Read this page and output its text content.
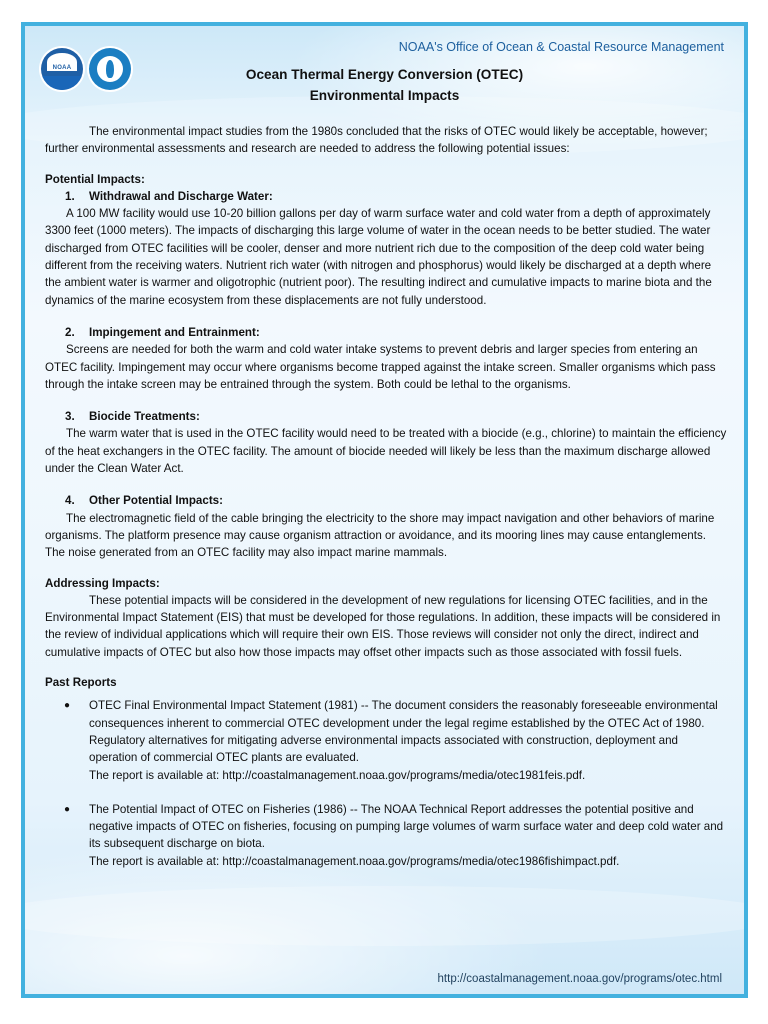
NOAA
NOAA's Office of Ocean & Coastal Resource Management
Ocean Thermal Energy Conversion (OTEC)
Environmental Impacts

The environmental impact studies from the 1980s concluded that the risks of OTEC would likely be acceptable, however; further environmental assessments and research are needed to address the following potential issues:

Potential Impacts:

1.	Withdrawal and Discharge Water:

A 100 MW facility would use 10-20 billion gallons per day of warm surface water and cold water from a depth of approximately 3300 feet (1000 meters). The impacts of discharging this large volume of water in the ocean needs to be better studied. The water discharged from OTEC facilities will be cooler, denser and more nutrient rich due to the composition of the deep cold water being different from the receiving waters. Nutrient rich water (with nitrogen and phosphorus) would likely be discharged at a depth where the ambient water is warmer and oligotrophic (nutrient poor). The resulting indirect and cumulative impacts to marine biota and the dynamics of the marine ecosystem from these displacements are not fully understood.

2.	Impingement and Entrainment:

Screens are needed for both the warm and cold water intake systems to prevent debris and larger species from entering an OTEC facility. Impingement may occur where organisms become trapped against the intake screen. Smaller organisms which pass through the intake screen may be entrained through the system. Both could be lethal to the organisms.

3.	Biocide Treatments:

The warm water that is used in the OTEC facility would need to be treated with a biocide (e.g., chlorine) to maintain the efficiency of the heat exchangers in the OTEC facility. The amount of biocide needed will likely be less than the maximum discharge allowed under the Clean Water Act.

4.	Other Potential Impacts:

The electromagnetic field of the cable bringing the electricity to the shore may impact navigation and other behaviors of marine organisms. The platform presence may cause organism attraction or avoidance, and its mooring lines may cause entanglements. The noise generated from an OTEC facility may also impact marine mammals.

Addressing Impacts:

These potential impacts will be considered in the development of new regulations for licensing OTEC facilities, and in the Environmental Impact Statement (EIS) that must be developed for those regulations. In addition, these impacts will be considered in the review of individual applications which will require their own EIS. Those reviews will consider not only the direct, indirect and cumulative impacts of OTEC but also how those impacts may offset other impacts such as those associated with fossil fuels.

Past Reports

●	OTEC Final Environmental Impact Statement (1981) -- The document considers the reasonably foreseeable environmental consequences inherent to commercial OTEC development under the legal regime established by the OTEC Act of 1980. Regulatory alternatives for mitigating adverse environmental impacts associated with construction, deployment and operation of commercial OTEC plants are evaluated.
The report is available at: http://coastalmanagement.noaa.gov/programs/media/otec1981feis.pdf.
●	The Potential Impact of OTEC on Fisheries (1986) -- The NOAA Technical Report addresses the potential positive and negative impacts of OTEC on fisheries, focusing on pumping large volumes of warm surface water and deep cold water and its subsequent discharge on biota.
The report is available at: http://coastalmanagement.noaa.gov/programs/media/otec1986fishimpact.pdf.
http://coastalmanagement.noaa.gov/programs/otec.html
